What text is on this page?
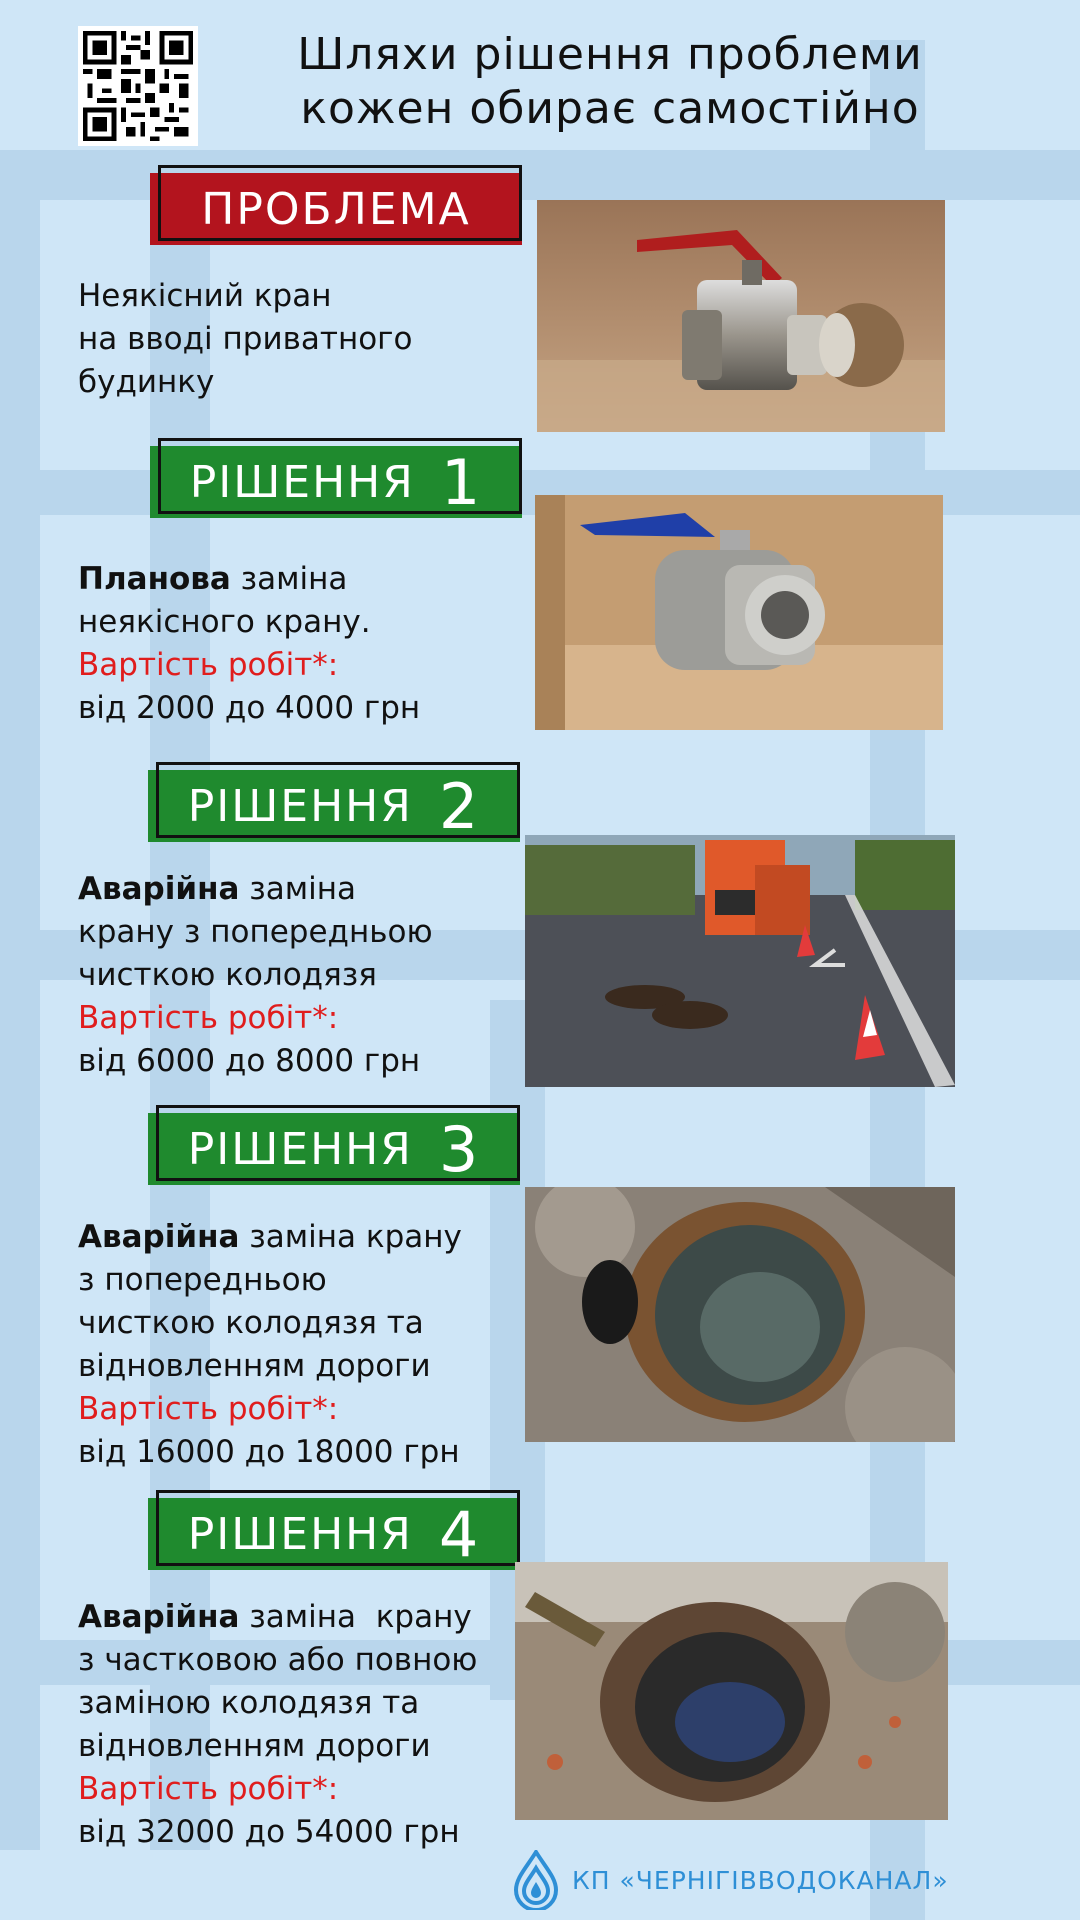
Шляхи рішення проблеми
кожен обирає самостійно
ПРОБЛЕМА
Неякісний кран
на вводі приватного
будинку
РІШЕННЯ 1
Планова заміна
неякісного крану.
Вартість робіт*:
від 2000 до 4000 грн
РІШЕННЯ 2
Аварійна заміна
крану з попередньою
чисткою колодязя
Вартість робіт*:
від 6000 до 8000 грн
РІШЕННЯ 3
Аварійна заміна крану
з попередньою
чисткою колодязя та
відновленням дороги
Вартість робіт*:
від 16000 до 18000 грн
РІШЕННЯ 4
Аварійна заміна  крану
з частковою або повною
заміною колодязя та
відновленням дороги
Вартість робіт*:
від 32000 до 54000 грн
КП «ЧЕРНІГІВВОДОКАНАЛ»
